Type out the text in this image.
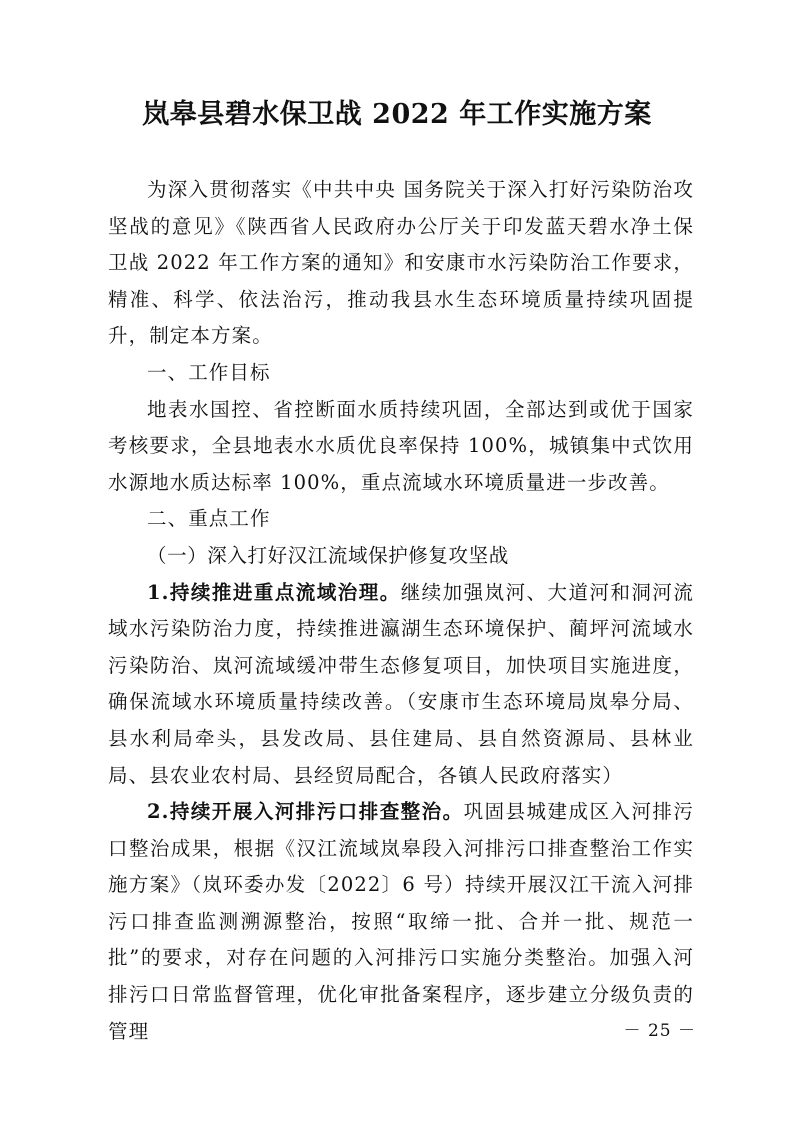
岚皋县碧水保卫战 2022 年工作实施方案

为深入贯彻落实《中共中央 国务院关于深入打好污染防治攻坚战的意见》《陕西省人民政府办公厅关于印发蓝天碧水净土保卫战 2022 年工作方案的通知》和安康市水污染防治工作要求，精准、科学、依法治污，推动我县水生态环境质量持续巩固提升，制定本方案。

一、工作目标

地表水国控、省控断面水质持续巩固，全部达到或优于国家考核要求，全县地表水水质优良率保持 100%，城镇集中式饮用水源地水质达标率 100%，重点流域水环境质量进一步改善。

二、重点工作

（一）深入打好汉江流域保护修复攻坚战

1.持续推进重点流域治理。继续加强岚河、大道河和洞河流域水污染防治力度，持续推进瀛湖生态环境保护、蔺坪河流域水污染防治、岚河流域缓冲带生态修复项目，加快项目实施进度，确保流域水环境质量持续改善。（安康市生态环境局岚皋分局、县水利局牵头，县发改局、县住建局、县自然资源局、县林业局、县农业农村局、县经贸局配合，各镇人民政府落实）

2.持续开展入河排污口排查整治。巩固县城建成区入河排污口整治成果，根据《汉江流域岚皋段入河排污口排查整治工作实施方案》（岚环委办发〔2022〕6 号）持续开展汉江干流入河排污口排查监测溯源整治，按照“取缔一批、合并一批、规范一批”的要求，对存在问题的入河排污口实施分类整治。加强入河排污口日常监督管理，优化审批备案程序，逐步建立分级负责的管理	－ 25 －
